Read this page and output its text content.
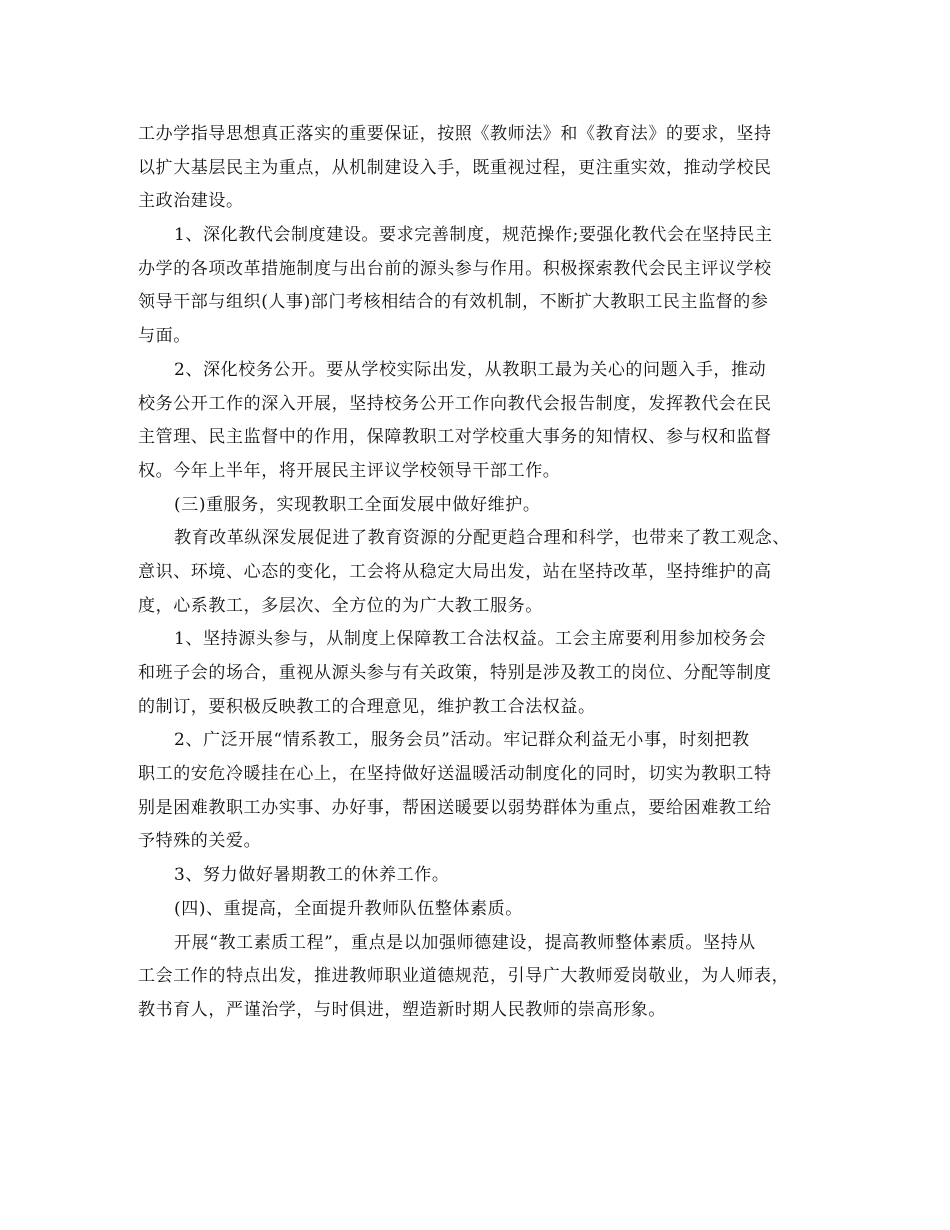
工办学指导思想真正落实的重要保证，按照《教师法》和《教育法》的要求，坚持
以扩大基层民主为重点，从机制建设入手，既重视过程，更注重实效，推动学校民
主政治建设。
1、深化教代会制度建设。要求完善制度，规范操作;要强化教代会在坚持民主
办学的各项改革措施制度与出台前的源头参与作用。积极探索教代会民主评议学校
领导干部与组织(人事)部门考核相结合的有效机制，不断扩大教职工民主监督的参
与面。
2、深化校务公开。要从学校实际出发，从教职工最为关心的问题入手，推动
校务公开工作的深入开展，坚持校务公开工作向教代会报告制度，发挥教代会在民
主管理、民主监督中的作用，保障教职工对学校重大事务的知情权、参与权和监督
权。今年上半年，将开展民主评议学校领导干部工作。
(三)重服务，实现教职工全面发展中做好维护。
教育改革纵深发展促进了教育资源的分配更趋合理和科学，也带来了教工观念、
意识、环境、心态的变化，工会将从稳定大局出发，站在坚持改革，坚持维护的高
度，心系教工，多层次、全方位的为广大教工服务。
1、坚持源头参与，从制度上保障教工合法权益。工会主席要利用参加校务会
和班子会的场合，重视从源头参与有关政策，特别是涉及教工的岗位、分配等制度
的制订，要积极反映教工的合理意见，维护教工合法权益。
2、广泛开展“情系教工，服务会员”活动。牢记群众利益无小事，时刻把教
职工的安危冷暖挂在心上，在坚持做好送温暖活动制度化的同时，切实为教职工特
别是困难教职工办实事、办好事，帮困送暖要以弱势群体为重点，要给困难教工给
予特殊的关爱。
3、努力做好暑期教工的休养工作。
(四)、重提高，全面提升教师队伍整体素质。
开展“教工素质工程”，重点是以加强师德建设，提高教师整体素质。坚持从
工会工作的特点出发，推进教师职业道德规范，引导广大教师爱岗敬业，为人师表，
教书育人，严谨治学，与时俱进，塑造新时期人民教师的崇高形象。
